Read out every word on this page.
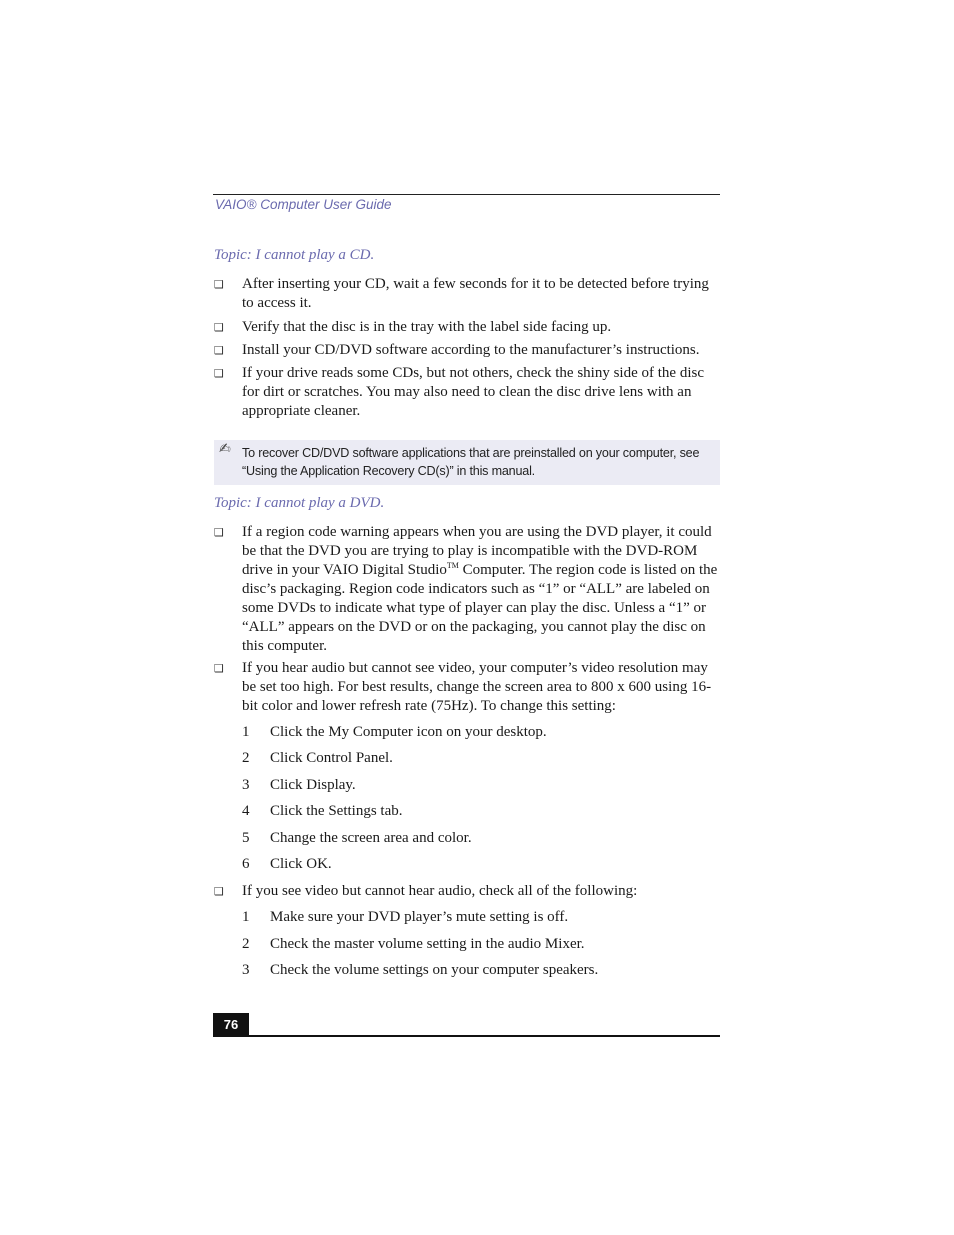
VAIO® Computer User Guide
Topic: I cannot play a CD.
❑ After inserting your CD, wait a few seconds for it to be detected before trying to access it.
❑ Verify that the disc is in the tray with the label side facing up.
❑ Install your CD/DVD software according to the manufacturer’s instructions.
❑ If your drive reads some CDs, but not others, check the shiny side of the disc for dirt or scratches. You may also need to clean the disc drive lens with an appropriate cleaner.
✍ To recover CD/DVD software applications that are preinstalled on your computer, see “Using the Application Recovery CD(s)” in this manual.
Topic: I cannot play a DVD.
❑ If a region code warning appears when you are using the DVD player, it could be that the DVD you are trying to play is incompatible with the DVD-ROM drive in your VAIO Digital Studio™ Computer. The region code is listed on the disc’s packaging. Region code indicators such as “1” or “ALL” are labeled on some DVDs to indicate what type of player can play the disc. Unless a “1” or “ALL” appears on the DVD or on the packaging, you cannot play the disc on this computer.
❑ If you hear audio but cannot see video, your computer’s video resolution may be set too high. For best results, change the screen area to 800 x 600 using 16-bit color and lower refresh rate (75Hz). To change this setting:
1 Click the My Computer icon on your desktop.
2 Click Control Panel.
3 Click Display.
4 Click the Settings tab.
5 Change the screen area and color.
6 Click OK.
❑ If you see video but cannot hear audio, check all of the following:
1 Make sure your DVD player’s mute setting is off.
2 Check the master volume setting in the audio Mixer.
3 Check the volume settings on your computer speakers.
76
